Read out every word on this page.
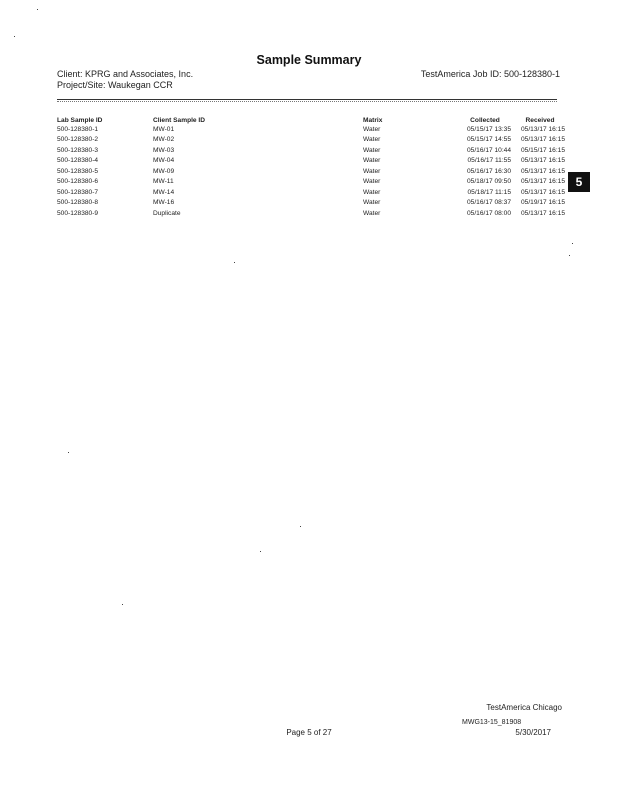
Sample Summary
Client: KPRG and Associates, Inc.
Project/Site: Waukegan CCR
TestAmerica Job ID: 500-128380-1
Lab Sample ID	Client Sample ID	Matrix	Collected	Received
500-128380-1	MW-01	Water	05/15/17 13:35	05/13/17 16:15
500-128380-2	MW-02	Water	05/15/17 14:55	05/13/17 16:15
500-128380-3	MW-03	Water	05/16/17 10:44	05/15/17 16:15
500-128380-4	MW-04	Water	05/16/17 11:55	05/13/17 16:15
500-128380-5	MW-09	Water	05/16/17 16:30	05/13/17 16:15
500-128380-6	MW-11	Water	05/18/17 09:50	05/13/17 16:15
500-128380-7	MW-14	Water	05/18/17 11:15	05/13/17 16:15
500-128380-8	MW-16	Water	05/16/17 08:37	05/19/17 16:15
500-128380-9	Duplicate	Water	05/16/17 08:00	05/13/17 16:15
5
TestAmerica Chicago
Page 5 of 27
MWG13-15_81908
5/30/2017
